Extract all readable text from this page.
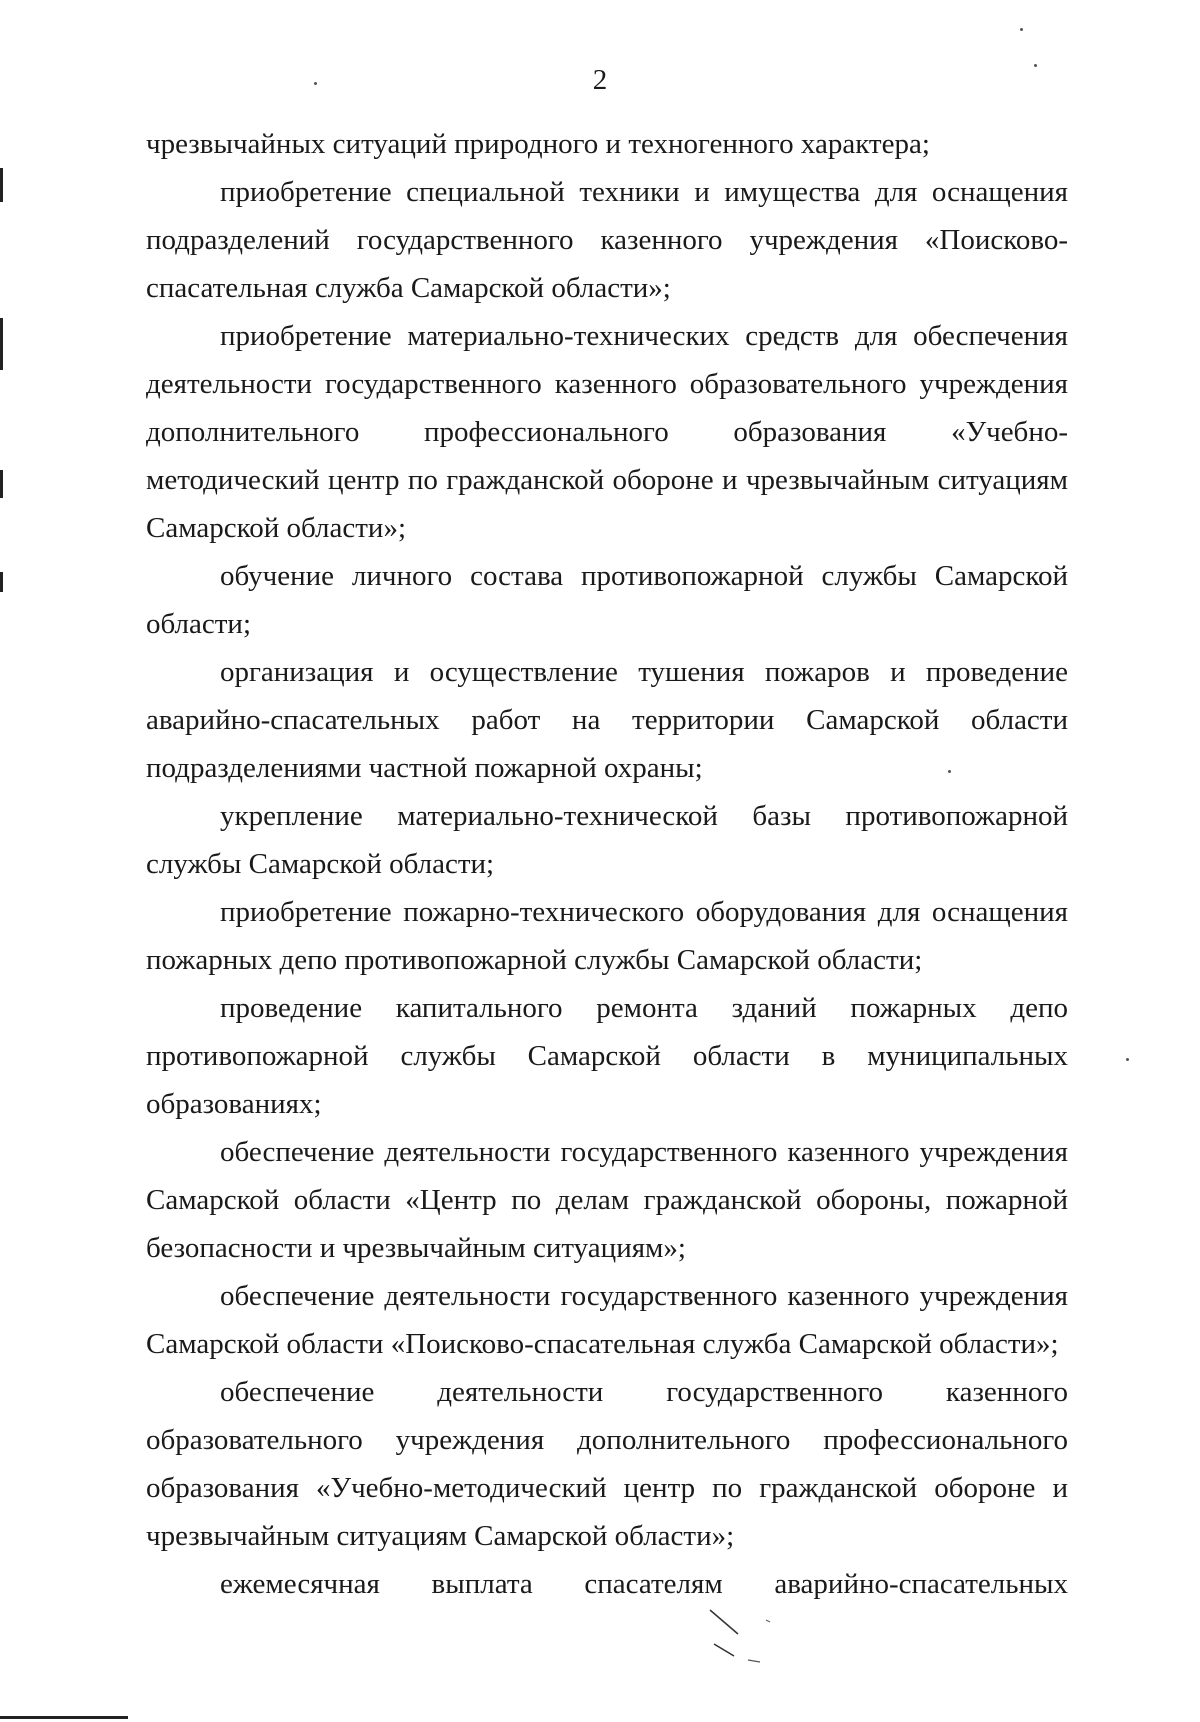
2

чрезвычайных ситуаций природного и техногенного характера;

приобретение специальной техники и имущества для оснащения подразделений государственного казенного учреждения «Поисково-спасательная служба Самарской области»;

приобретение материально-технических средств для обеспечения деятельности государственного казенного образовательного учреждения дополнительного профессионального образования «Учебно-методический центр по гражданской обороне и чрезвычайным ситуациям Самарской области»;

обучение личного состава противопожарной службы Самарской области;

организация и осуществление тушения пожаров и проведение аварийно-спасательных работ на территории Самарской области подразделениями частной пожарной охраны;

укрепление материально-технической базы противопожарной службы Самарской области;

приобретение пожарно-технического оборудования для оснащения пожарных депо противопожарной службы Самарской области;

проведение капитального ремонта зданий пожарных депо противопожарной службы Самарской области в муниципальных образованиях;

обеспечение деятельности государственного казенного учреждения Самарской области «Центр по делам гражданской обороны, пожарной безопасности и чрезвычайным ситуациям»;

обеспечение деятельности государственного казенного учреждения Самарской области «Поисково-спасательная служба Самарской области»;

обеспечение деятельности государственного казенного образовательного учреждения дополнительного профессионального образования «Учебно-методический центр по гражданской обороне и чрезвычайным ситуациям Самарской области»;

ежемесячная выплата спасателям аварийно-спасательных
